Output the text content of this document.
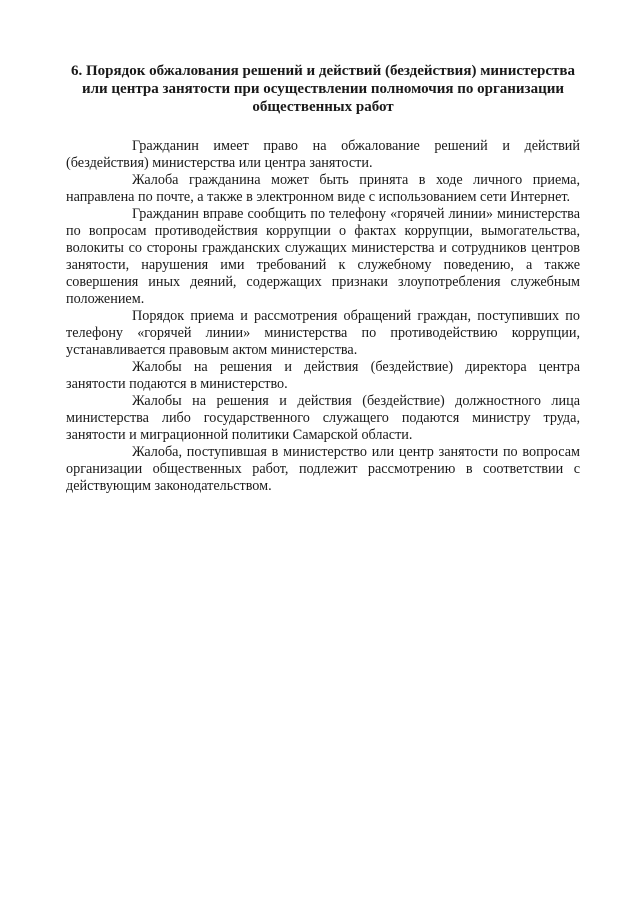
6. Порядок обжалования решений и действий (бездействия) министерства или центра занятости при осуществлении полномочия по организации общественных работ

Гражданин имеет право на обжалование решений и действий (бездействия) министерства или центра занятости.

Жалоба гражданина может быть принята в ходе личного приема, направлена по почте, а также в электронном виде с использованием сети Интернет.

Гражданин вправе сообщить по телефону «горячей линии» министерства по вопросам противодействия коррупции о фактах коррупции, вымогательства, волокиты со стороны гражданских служащих министерства и сотрудников центров занятости, нарушения ими требований к служебному поведению, а также совершения иных деяний, содержащих признаки злоупотребления служебным положением.

Порядок приема и рассмотрения обращений граждан, поступивших по телефону «горячей линии» министерства по противодействию коррупции, устанавливается правовым актом министерства.

Жалобы на решения и действия (бездействие) директора центра занятости подаются в министерство.

Жалобы на решения и действия (бездействие) должностного лица министерства либо государственного служащего подаются министру труда, занятости и миграционной политики Самарской области.

Жалоба, поступившая в министерство или центр занятости по вопросам организации общественных работ, подлежит рассмотрению в соответствии с действующим законодательством.
